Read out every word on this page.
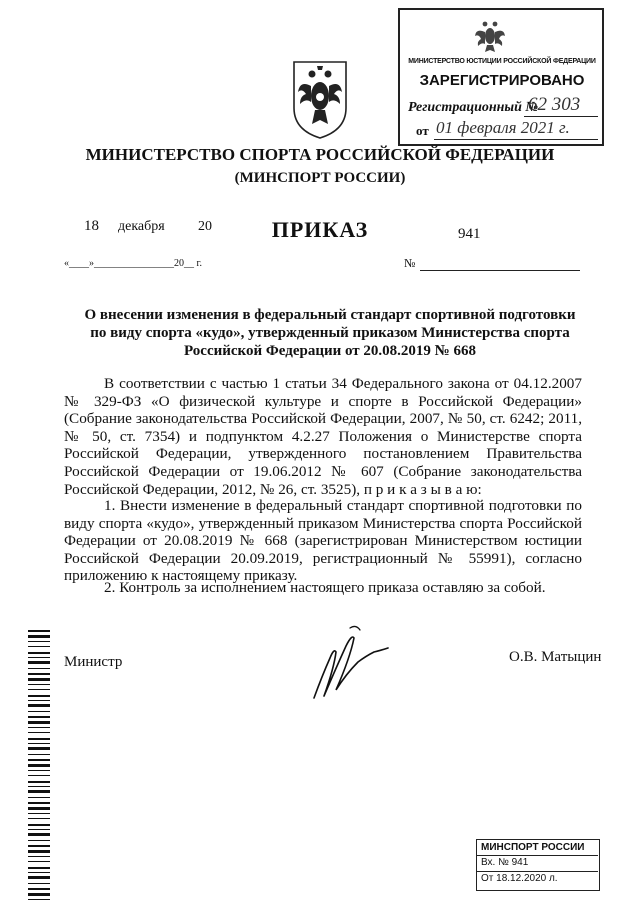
МИНИСТЕРСТВО ЮСТИЦИИ РОССИЙСКОЙ ФЕДЕРАЦИИ
ЗАРЕГИСТРИРОВАНО
Регистрационный №
62 303
от 01 февраля 2021 г.
МИНИСТЕРСТВО СПОРТА РОССИЙСКОЙ ФЕДЕРАЦИИ
(МИНСПОРТ РОССИИ)
18 декабря 20	ПРИКАЗ	941
«____»________________20__ г.	№
О внесении изменения в федеральный стандарт спортивной подготовки по виду спорта «кудо», утвержденный приказом Министерства спорта Российской Федерации от 20.08.2019 № 668
В соответствии с частью 1 статьи 34 Федерального закона от 04.12.2007 № 329-ФЗ «О физической культуре и спорте в Российской Федерации» (Собрание законодательства Российской Федерации, 2007, № 50, ст. 6242; 2011, № 50, ст. 7354) и подпунктом 4.2.27 Положения о Министерстве спорта Российской Федерации, утвержденного постановлением Правительства Российской Федерации от 19.06.2012 № 607 (Собрание законодательства Российской Федерации, 2012, № 26, ст. 3525), п р и к а з ы в а ю:
1. Внести изменение в федеральный стандарт спортивной подготовки по виду спорта «кудо», утвержденный приказом Министерства спорта Российской Федерации от 20.08.2019 № 668 (зарегистрирован Министерством юстиции Российской Федерации 20.09.2019, регистрационный № 55991), согласно приложению к настоящему приказу.
2. Контроль за исполнением настоящего приказа оставляю за собой.
Министр	О.В. Матыцин
МИНСПОРТ РОССИИ
Вх. № 941
От 18.12.2020 л.
